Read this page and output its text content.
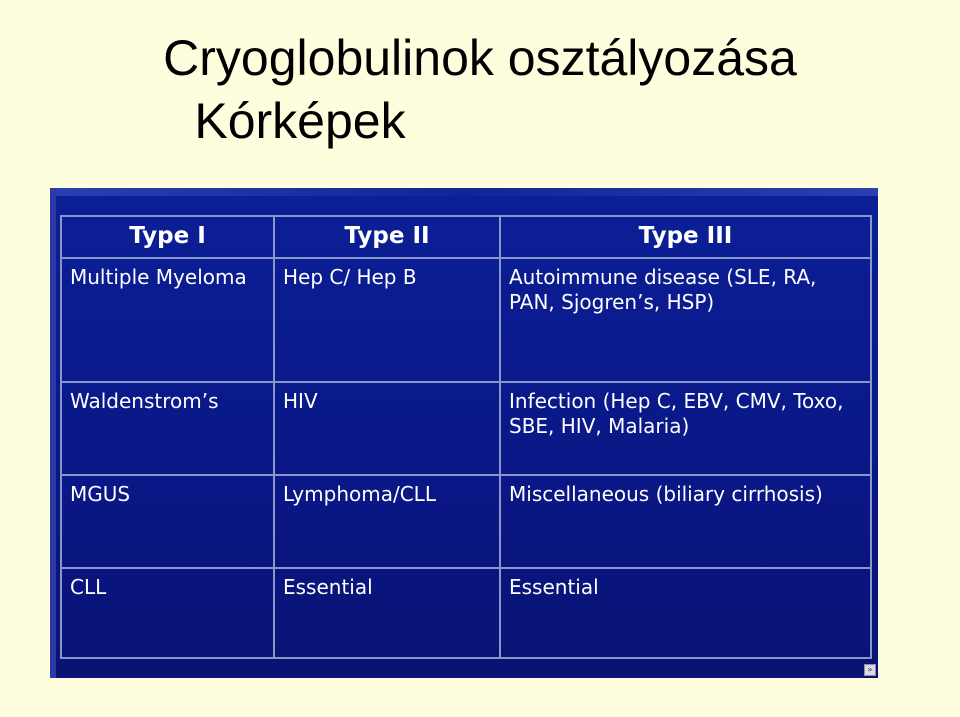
Cryoglobulinok osztályozása
Kórképek
Type I	Type II	Type III
Multiple Myeloma	Hep C/ Hep B	Autoimmune disease (SLE, RA, PAN, Sjogren’s, HSP)
Waldenstrom’s	HIV	Infection (Hep C, EBV, CMV, Toxo, SBE, HIV, Malaria)
MGUS	Lymphoma/CLL	Miscellaneous (biliary cirrhosis)
CLL	Essential	Essential
»
